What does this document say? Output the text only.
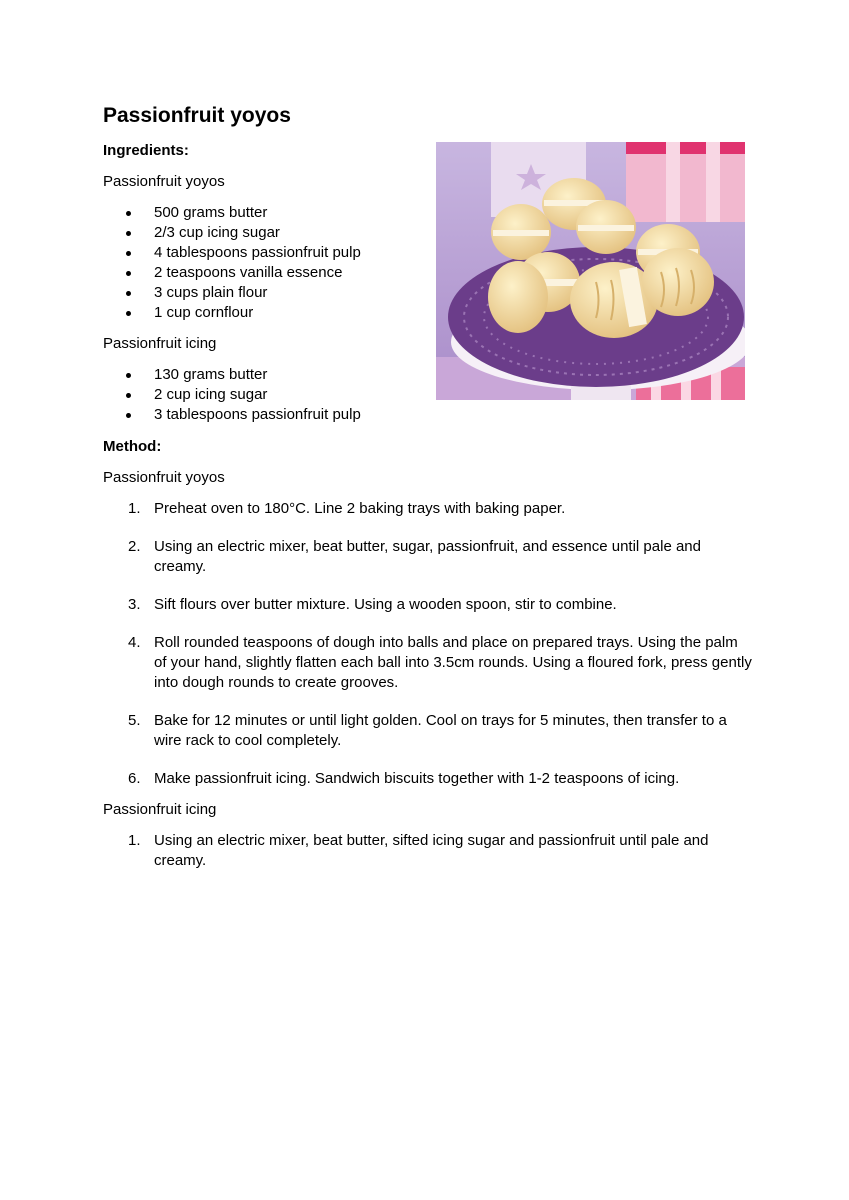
Passionfruit yoyos

Ingredients:

Passionfruit yoyos

500 grams butter
2/3 cup icing sugar
4 tablespoons passionfruit pulp
2 teaspoons vanilla essence
3 cups plain flour
1 cup cornflour

Passionfruit icing

130 grams butter
2 cup icing sugar
3 tablespoons passionfruit pulp

Method:

Passionfruit yoyos

1. Preheat oven to 180°C. Line 2 baking trays with baking paper.
2. Using an electric mixer, beat butter, sugar, passionfruit, and essence until pale and creamy.
3. Sift flours over butter mixture. Using a wooden spoon, stir to combine.
4. Roll rounded teaspoons of dough into balls and place on prepared trays. Using the palm of your hand, slightly flatten each ball into 3.5cm rounds. Using a floured fork, press gently into dough rounds to create grooves.
5. Bake for 12 minutes or until light golden. Cool on trays for 5 minutes, then transfer to a wire rack to cool completely.
6. Make passionfruit icing. Sandwich biscuits together with 1-2 teaspoons of icing.

Passionfruit icing

1. Using an electric mixer, beat butter, sifted icing sugar and passionfruit until pale and creamy.
